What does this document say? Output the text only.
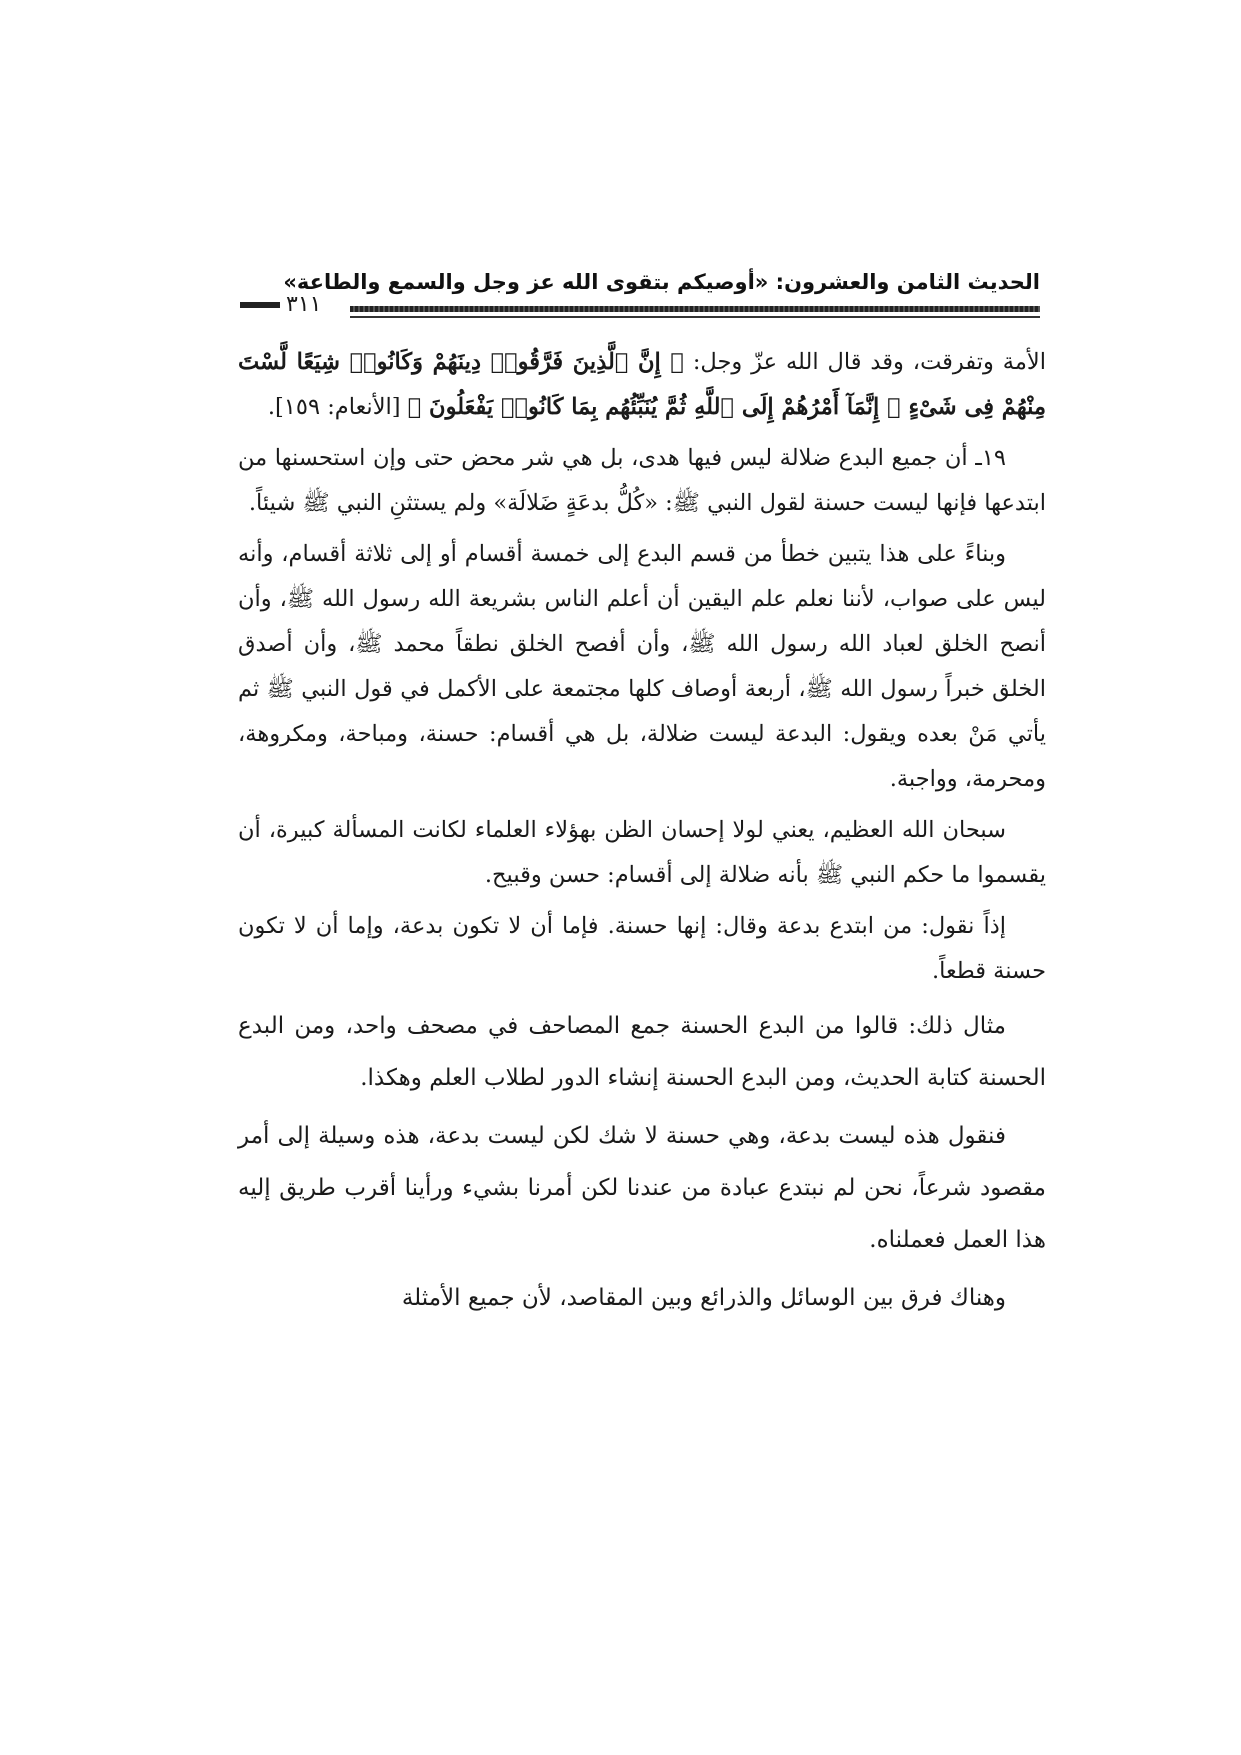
الحديث الثامن والعشرون: «أوصيكم بتقوى الله عز وجل والسمع والطاعة»
٣١١

الأمة وتفرقت، وقد قال الله عزّ وجل: ﴿ إِنَّ ٱلَّذِينَ فَرَّقُوا۟ دِينَهُمْ وَكَانُوا۟ شِيَعًا لَّسْتَ مِنْهُمْ فِى شَىْءٍ ۚ إِنَّمَآ أَمْرُهُمْ إِلَى ٱللَّهِ ثُمَّ يُنَبِّئُهُم بِمَا كَانُوا۟ يَفْعَلُونَ ﴾ [الأنعام: ١٥٩].

١٩ـ أن جميع البدع ضلالة ليس فيها هدى، بل هي شر محض حتى وإن استحسنها من ابتدعها فإنها ليست حسنة لقول النبي ﷺ: «كُلُّ بدعَةٍ ضَلالَة» ولم يستثنِ النبي ﷺ شيئاً.

وبناءً على هذا يتبين خطأ من قسم البدع إلى خمسة أقسام أو إلى ثلاثة أقسام، وأنه ليس على صواب، لأننا نعلم علم اليقين أن أعلم الناس بشريعة الله رسول الله ﷺ، وأن أنصح الخلق لعباد الله رسول الله ﷺ، وأن أفصح الخلق نطقاً محمد ﷺ، وأن أصدق الخلق خبراً رسول الله ﷺ، أربعة أوصاف كلها مجتمعة على الأكمل في قول النبي ﷺ ثم يأتي مَنْ بعده ويقول: البدعة ليست ضلالة، بل هي أقسام: حسنة، ومباحة، ومكروهة، ومحرمة، وواجبة.

سبحان الله العظيم، يعني لولا إحسان الظن بهؤلاء العلماء لكانت المسألة كبيرة، أن يقسموا ما حكم النبي ﷺ بأنه ضلالة إلى أقسام: حسن وقبيح.

إذاً نقول: من ابتدع بدعة وقال: إنها حسنة. فإما أن لا تكون بدعة، وإما أن لا تكون حسنة قطعاً.

مثال ذلك: قالوا من البدع الحسنة جمع المصاحف في مصحف واحد، ومن البدع الحسنة كتابة الحديث، ومن البدع الحسنة إنشاء الدور لطلاب العلم وهكذا.

فنقول هذه ليست بدعة، وهي حسنة لا شك لكن ليست بدعة، هذه وسيلة إلى أمر مقصود شرعاً، نحن لم نبتدع عبادة من عندنا لكن أمرنا بشيء ورأينا أقرب طريق إليه هذا العمل فعملناه.

وهناك فرق بين الوسائل والذرائع وبين المقاصد، لأن جميع الأمثلة
